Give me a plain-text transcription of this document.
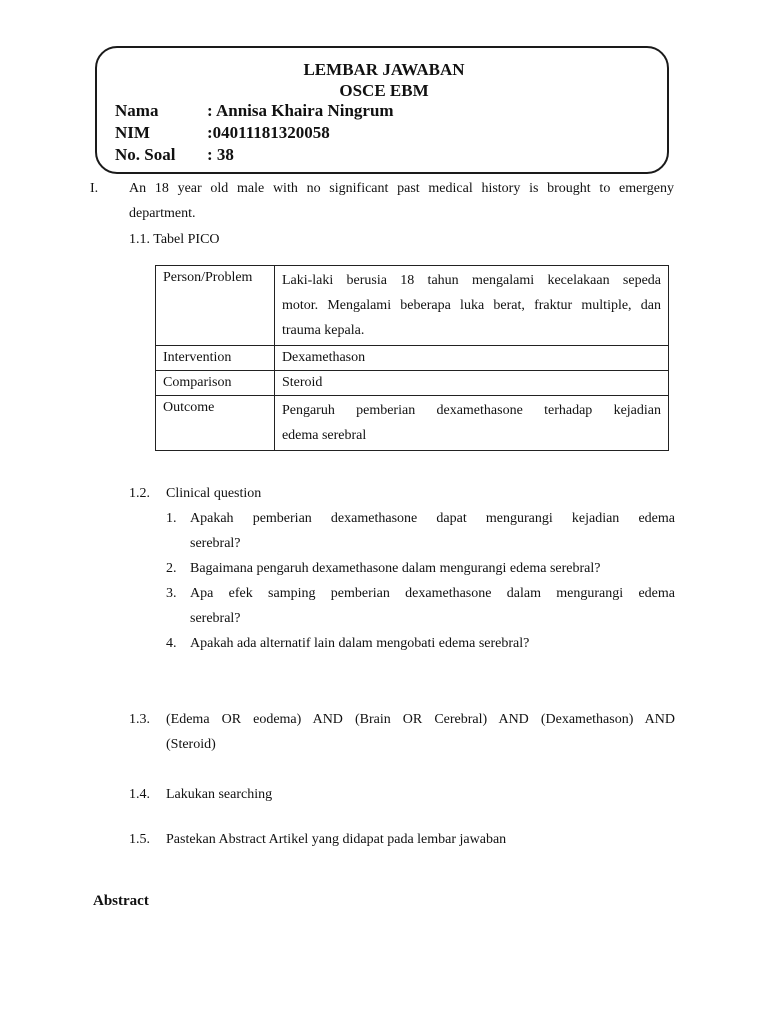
LEMBAR JAWABAN
OSCE EBM
Nama	: Annisa Khaira Ningrum
NIM	:04011181320058
No. Soal : 38
I. An 18 year old male with no significant past medical history is brought to emergeny
department.
1.1. Tabel PICO
Person/Problem	Laki-laki berusia 18 tahun mengalami kecelakaan sepeda
motor. Mengalami beberapa luka berat, fraktur multiple, dan
trauma kepala.

Intervention	Dexamethason

Comparison	Steroid

Outcome	Pengaruh pemberian dexamethasone terhadap kejadian
edema serebral
1.2. Clinical question
1. Apakah pemberian dexamethasone dapat mengurangi kejadian edema
serebral?
2. Bagaimana pengaruh dexamethasone dalam mengurangi edema serebral?
3. Apa efek samping pemberian dexamethasone dalam mengurangi edema
serebral?
4. Apakah ada alternatif lain dalam mengobati edema serebral?
1.3. (Edema OR eodema) AND (Brain OR Cerebral) AND (Dexamethason) AND
(Steroid)
1.4. Lakukan searching
1.5. Pastekan Abstract Artikel yang didapat pada lembar jawaban
Abstract
